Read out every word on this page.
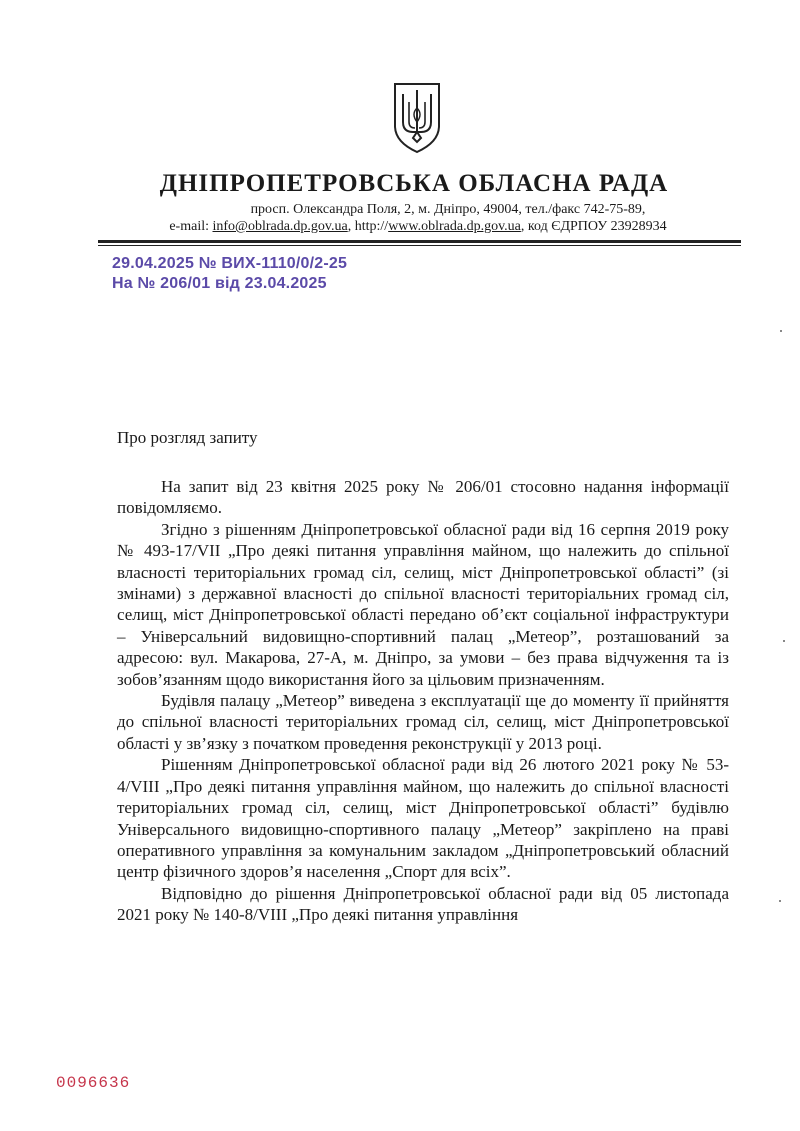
ДНІПРОПЕТРОВСЬКА ОБЛАСНА РАДА
просп. Олександра Поля, 2, м. Дніпро, 49004, тел./факс 742-75-89,
e-mail: info@oblrada.dp.gov.ua, http://www.oblrada.dp.gov.ua, код ЄДРПОУ 23928934
29.04.2025 № ВИХ-1110/0/2-25
На № 206/01 від 23.04.2025
Про розгляд запиту

На запит від 23 квітня 2025 року № 206/01 стосовно надання інформації повідомляємо.

Згідно з рішенням Дніпропетровської обласної ради від 16 серпня 2019 року № 493-17/VII „Про деякі питання управління майном, що належить до спільної власності територіальних громад сіл, селищ, міст Дніпропетровської області” (зі змінами) з державної власності до спільної власності територіальних громад сіл, селищ, міст Дніпропетровської області передано об’єкт соціальної інфраструктури – Універсальний видовищно-спортивний палац „Метеор”, розташований за адресою: вул. Макарова, 27-А, м. Дніпро, за умови – без права відчуження та із зобов’язанням щодо використання його за цільовим призначенням.

Будівля палацу „Метеор” виведена з експлуатації ще до моменту її прийняття до спільної власності територіальних громад сіл, селищ, міст Дніпропетровської області у зв’язку з початком проведення реконструкції у 2013 році.

Рішенням Дніпропетровської обласної ради від 26 лютого 2021 року № 53-4/VIII „Про деякі питання управління майном, що належить до спільної власності територіальних громад сіл, селищ, міст Дніпропетровської області” будівлю Універсального видовищно-спортивного палацу „Метеор” закріплено на праві оперативного управління за комунальним закладом „Дніпропетровський обласний центр фізичного здоров’я населення „Спорт для всіх”.

Відповідно до рішення Дніпропетровської обласної ради від 05 листопада 2021 року № 140-8/VIII „Про деякі питання управління

0096636
